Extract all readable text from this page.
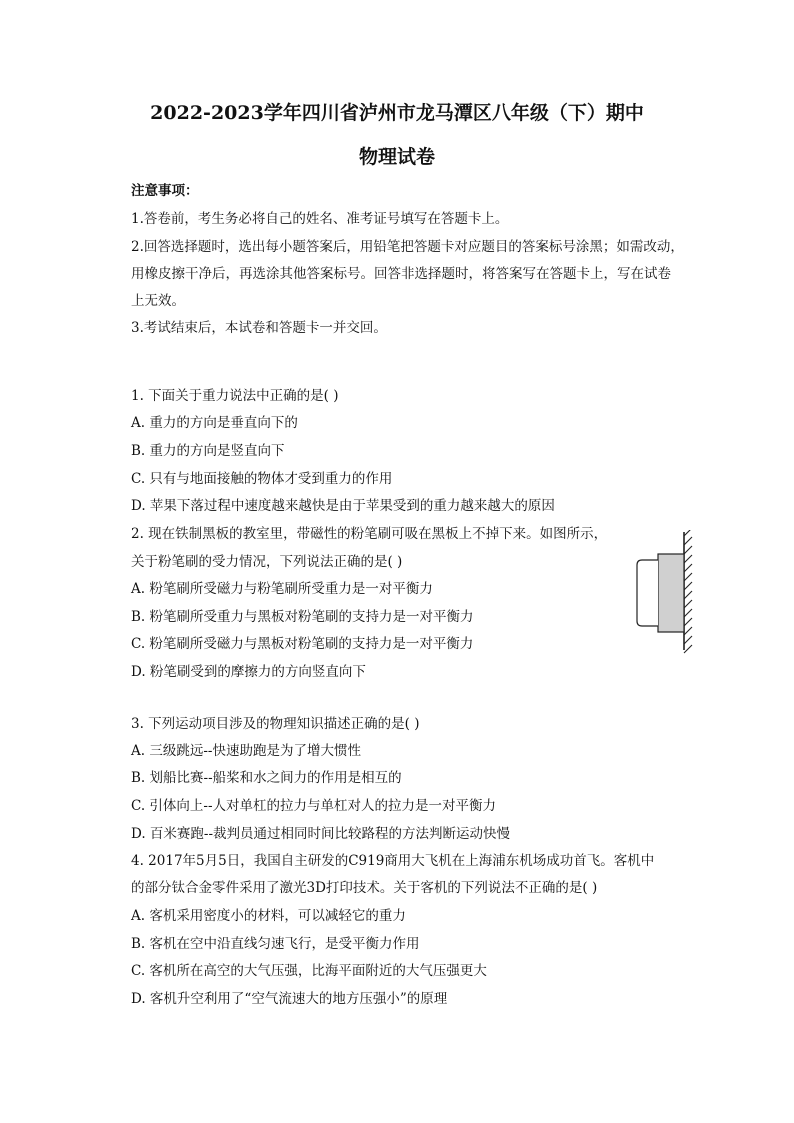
2022-2023学年四川省泸州市龙马潭区八年级（下）期中
物理试卷

注意事项：

1.答卷前，考生务必将自己的姓名、准考证号填写在答题卡上。

2.回答选择题时，选出每小题答案后，用铅笔把答题卡对应题目的答案标号涂黑；如需改动，

用橡皮擦干净后，再选涂其他答案标号。回答非选择题时，将答案写在答题卡上，写在试卷

上无效。

3.考试结束后，本试卷和答题卡一并交回。

1. 下面关于重力说法中正确的是( )

A. 重力的方向是垂直向下的

B. 重力的方向是竖直向下

C. 只有与地面接触的物体才受到重力的作用

D. 苹果下落过程中速度越来越快是由于苹果受到的重力越来越大的原因

2. 现在铁制黑板的教室里，带磁性的粉笔刷可吸在黑板上不掉下来。如图所示，

关于粉笔刷的受力情况，下列说法正确的是( )

A. 粉笔刷所受磁力与粉笔刷所受重力是一对平衡力

B. 粉笔刷所受重力与黑板对粉笔刷的支持力是一对平衡力

C. 粉笔刷所受磁力与黑板对粉笔刷的支持力是一对平衡力

D. 粉笔刷受到的摩擦力的方向竖直向下

3. 下列运动项目涉及的物理知识描述正确的是( )

A. 三级跳远--快速助跑是为了增大惯性

B. 划船比赛--船桨和水之间力的作用是相互的

C. 引体向上--人对单杠的拉力与单杠对人的拉力是一对平衡力

D. 百米赛跑--裁判员通过相同时间比较路程的方法判断运动快慢

4. 2017年5月5日，我国自主研发的C919商用大飞机在上海浦东机场成功首飞。客机中

的部分钛合金零件采用了激光3D打印技术。关于客机的下列说法不正确的是( )

A. 客机采用密度小的材料，可以减轻它的重力

B. 客机在空中沿直线匀速飞行，是受平衡力作用

C. 客机所在高空的大气压强，比海平面附近的大气压强更大

D. 客机升空利用了“空气流速大的地方压强小”的原理
